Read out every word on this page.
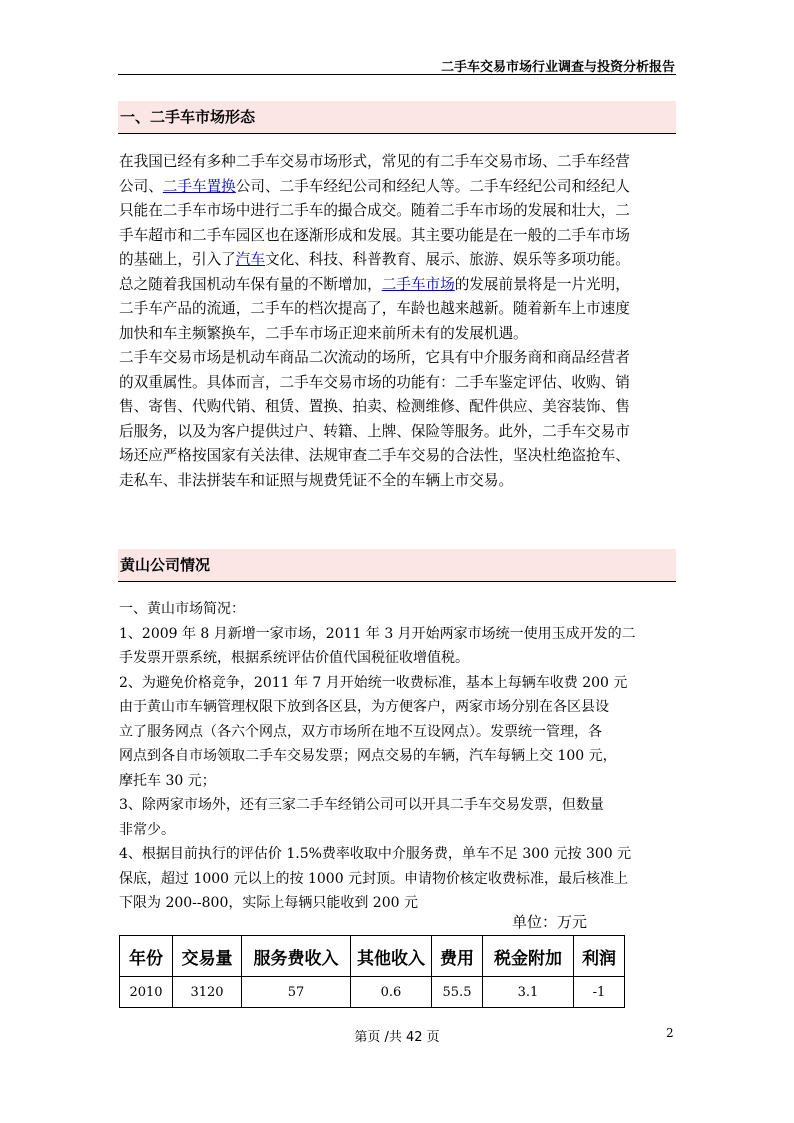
二手车交易市场行业调查与投资分析报告
一、二手车市场形态
在我国已经有多种二手车交易市场形式，常见的有二手车交易市场、二手车经营
公司、二手车置换公司、二手车经纪公司和经纪人等。二手车经纪公司和经纪人
只能在二手车市场中进行二手车的撮合成交。随着二手车市场的发展和壮大，二
手车超市和二手车园区也在逐渐形成和发展。其主要功能是在一般的二手车市场
的基础上，引入了汽车文化、科技、科普教育、展示、旅游、娱乐等多项功能。
总之随着我国机动车保有量的不断增加，二手车市场的发展前景将是一片光明，
二手车产品的流通，二手车的档次提高了，车龄也越来越新。随着新车上市速度
加快和车主频繁换车，二手车市场正迎来前所未有的发展机遇。
二手车交易市场是机动车商品二次流动的场所，它具有中介服务商和商品经营者
的双重属性。具体而言，二手车交易市场的功能有：二手车鉴定评估、收购、销
售、寄售、代购代销、租赁、置换、拍卖、检测维修、配件供应、美容装饰、售
后服务，以及为客户提供过户、转籍、上牌、保险等服务。此外，二手车交易市
场还应严格按国家有关法律、法规审查二手车交易的合法性，坚决杜绝盗抢车、
走私车、非法拼装车和证照与规费凭证不全的车辆上市交易。
黄山公司情况
一、黄山市场简况：
1、2009 年 8 月新增一家市场，2011 年 3 月开始两家市场统一使用玉成开发的二
手发票开票系统，根据系统评估价值代国税征收增值税。
2、为避免价格竞争，2011 年 7 月开始统一收费标准，基本上每辆车收费 200 元
由于黄山市车辆管理权限下放到各区县，为方便客户，两家市场分别在各区县设
立了服务网点（各六个网点，双方市场所在地不互设网点）。发票统一管理，各
网点到各自市场领取二手车交易发票；网点交易的车辆，汽车每辆上交 100 元，
摩托车 30 元；
3、除两家市场外，还有三家二手车经销公司可以开具二手车交易发票，但数量
非常少。
4、根据目前执行的评估价 1.5%费率收取中介服务费，单车不足 300 元按 300 元
保底，超过 1000 元以上的按 1000 元封顶。申请物价核定收费标准，最后核准上
下限为 200--800，实际上每辆只能收到 200 元
单位：万元
年份	交易量	服务费收入	其他收入	费用	税金附加	利润
2010	3120	57	0.6	55.5	3.1	-1
第页 /共 42 页	2
